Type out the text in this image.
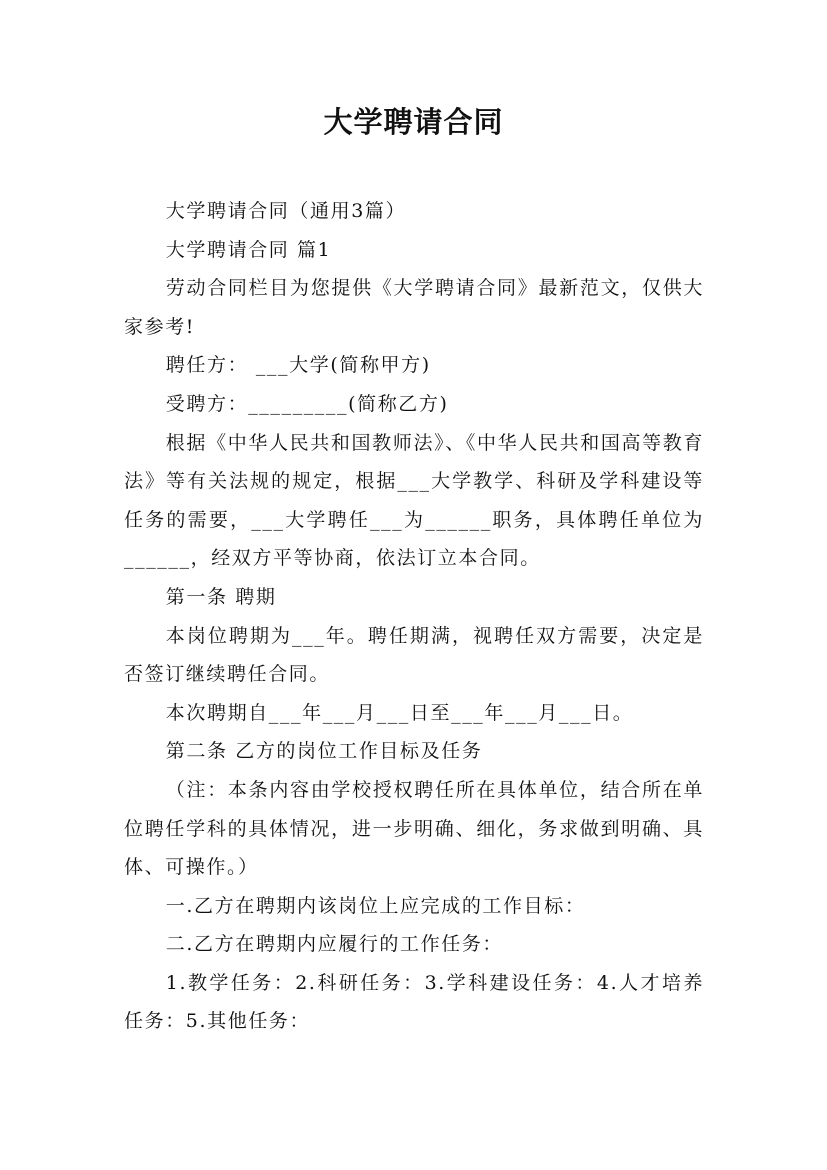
大学聘请合同

大学聘请合同（通用3篇）

大学聘请合同 篇1

劳动合同栏目为您提供《大学聘请合同》最新范文，仅供大家参考!

聘任方： ___大学(简称甲方)

受聘方：_________(简称乙方)

根据《中华人民共和国教师法》、《中华人民共和国高等教育法》等有关法规的规定，根据___大学教学、科研及学科建设等任务的需要，___大学聘任___为______职务，具体聘任单位为______，经双方平等协商，依法订立本合同。

第一条 聘期

本岗位聘期为___年。聘任期满，视聘任双方需要，决定是否签订继续聘任合同。

本次聘期自___年___月___日至___年___月___日。

第二条 乙方的岗位工作目标及任务

（注：本条内容由学校授权聘任所在具体单位，结合所在单位聘任学科的具体情况，进一步明确、细化，务求做到明确、具体、可操作。）

一.乙方在聘期内该岗位上应完成的工作目标：

二.乙方在聘期内应履行的工作任务：

1.教学任务：2.科研任务：3.学科建设任务：4.人才培养任务：5.其他任务：
